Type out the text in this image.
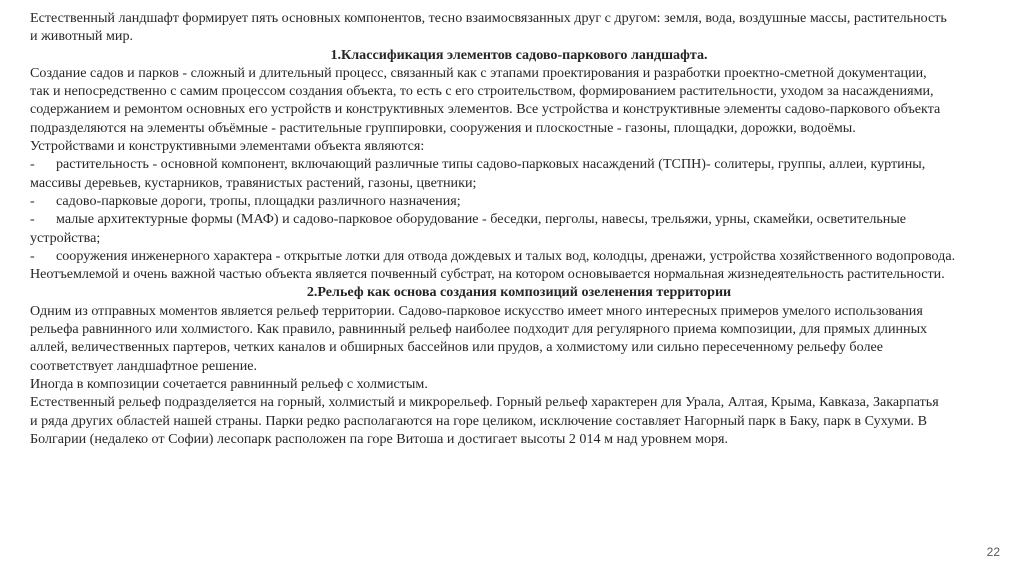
Естественный ландшафт формирует пять основных компонентов, тесно взаимосвязанных друг с другом: земля, вода, воздушные массы, растительность
и животный мир.
1.Классификация элементов садово-паркового ландшафта.
Создание садов и парков - сложный и длительный процесс, связанный как с этапами проектирования и разработки проектно-сметной документации,
так и непосредственно с самим процессом создания объекта, то есть с его строительством, формированием растительности, уходом за насаждениями,
содержанием и ремонтом основных его устройств и конструктивных элементов. Все устройства и конструктивные элементы садово-паркового объекта
подразделяются на элементы объёмные - растительные группировки, сооружения и плоскостные - газоны, площадки, дорожки, водоёмы.
Устройствами и конструктивными элементами объекта являются:
- растительность - основной компонент, включающий различные типы садово-парковых насаждений (ТСПН)- солитеры, группы, аллеи, куртины,
массивы деревьев, кустарников, травянистых растений, газоны, цветники;
- садово-парковые дороги, тропы, площадки различного назначения;
- малые архитектурные формы (МАФ) и садово-парковое оборудование - беседки, перголы, навесы, трельяжи, урны, скамейки, осветительные
устройства;
- сооружения инженерного характера - открытые лотки для отвода дождевых и талых вод, колодцы, дренажи, устройства хозяйственного водопровода.
Неотъемлемой и очень важной частью объекта является почвенный субстрат, на котором основывается нормальная жизнедеятельность растительности.
2.Рельеф как основа создания композиций озеленения территории
Одним из отправных моментов является рельеф территории. Садово-парковое искусство имеет много интересных примеров умелого использования
рельефа равнинного или холмистого. Как правило, равнинный рельеф наиболее подходит для регулярного приема композиции, для прямых длинных
аллей, величественных партеров, четких каналов и обширных бассейнов или прудов, а холмистому или сильно пересеченному рельефу более
соответствует ландшафтное решение.
Иногда в композиции сочетается равнинный рельеф с холмистым.
Естественный рельеф подразделяется на горный, холмистый и микрорельеф. Горный рельеф характерен для Урала, Алтая, Крыма, Кавказа, Закарпатья
и ряда других областей нашей страны. Парки редко располагаются на горе целиком, исключение составляет Нагорный парк в Баку, парк в Сухуми. В
Болгарии (недалеко от Софии) лесопарк расположен па горе Витоша и достигает высоты 2 014 м над уровнем моря.
22
